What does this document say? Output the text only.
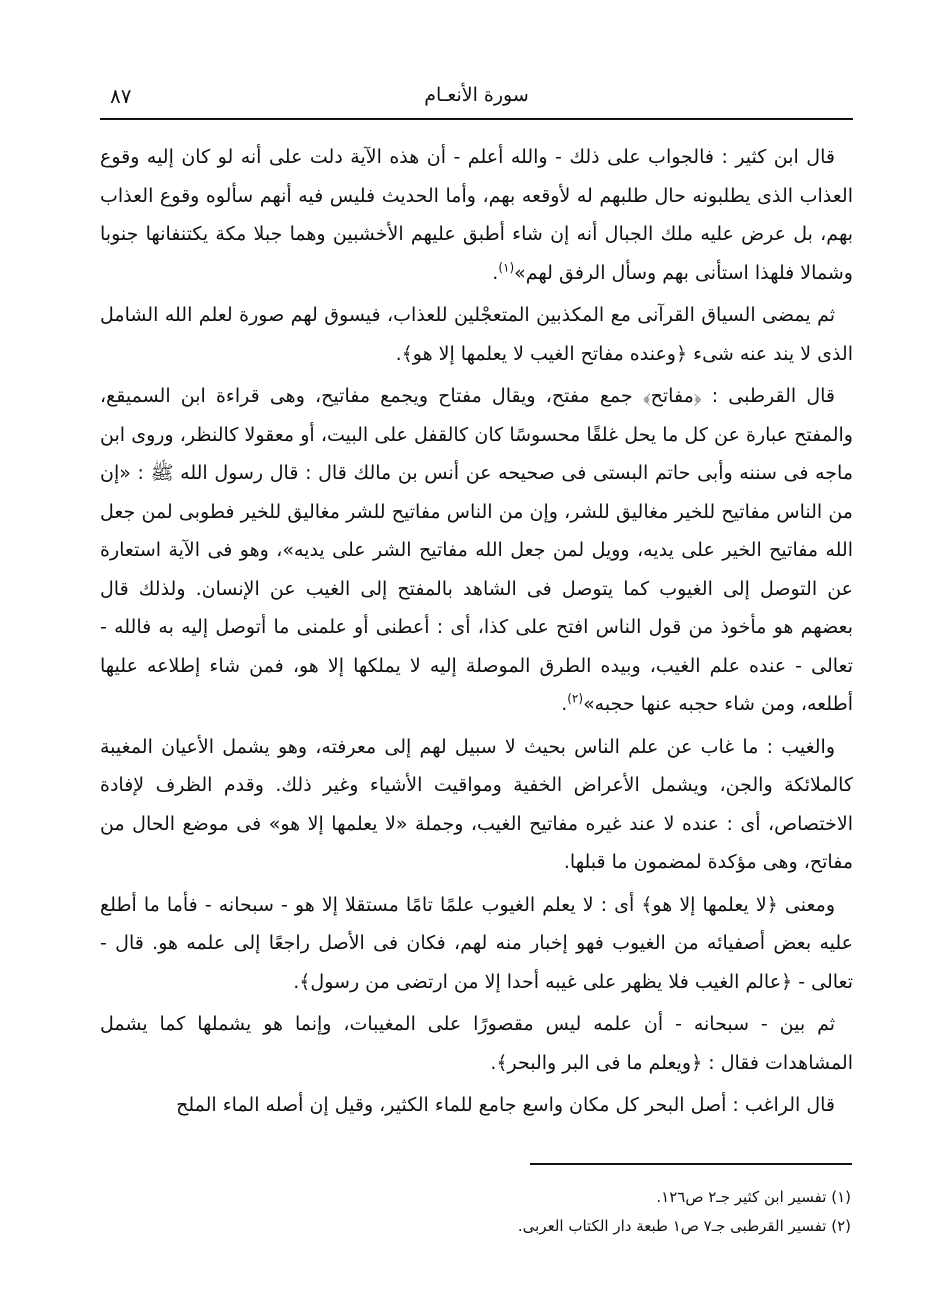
٨٧	سورة الأنعـام

قال ابن كثير : فالجواب على ذلك - والله أعلم - أن هذه الآية دلت على أنه لو كان إليه وقوع العذاب الذى يطلبونه حال طلبهم له لأوقعه بهم، وأما الحديث فليس فيه أنهم سألوه وقوع العذاب بهم، بل عرض عليه ملك الجبال أنه إن شاء أطبق عليهم الأخشبين وهما جبلا مكة يكتنفانها جنوبا وشمالا فلهذا استأنى بهم وسأل الرفق لهم»$^{(١)}$.

ثم يمضى السياق القرآنى مع المكذبين المتعجْلين للعذاب، فيسوق لهم صورة لعلم الله الشامل الذى لا يند عنه شىء ﴿وعنده مفاتح الغيب لا يعلمها إلا هو﴾.

قال القرطبى : ﴿مفاتح﴾ جمع مفتح، ويقال مفتاح ويجمع مفاتيح، وهى قراءة ابن السميقع، والمفتح عبارة عن كل ما يحل غلقًا محسوسًا كان كالقفل على البيت، أو معقولا كالنظر، وروى ابن ماجه فى سننه وأبى حاتم البستى فى صحيحه عن أنس بن مالك قال : قال رسول الله ﷺ : «إن من الناس مفاتيح للخير مغاليق للشر، وإن من الناس مفاتيح للشر مغاليق للخير فطوبى لمن جعل الله مفاتيح الخير على يديه، وويل لمن جعل الله مفاتيح الشر على يديه»، وهو فى الآية استعارة عن التوصل إلى الغيوب كما يتوصل فى الشاهد بالمفتح إلى الغيب عن الإنسان. ولذلك قال بعضهم هو مأخوذ من قول الناس افتح على كذا، أى : أعطنى أو علمنى ما أتوصل إليه به فالله - تعالى - عنده علم الغيب، وبيده الطرق الموصلة إليه لا يملكها إلا هو، فمن شاء إطلاعه عليها أطلعه، ومن شاء حجبه عنها حجبه»$^{(٢)}$.

والغيب : ما غاب عن علم الناس بحيث لا سبيل لهم إلى معرفته، وهو يشمل الأعيان المغيبة كالملائكة والجن، ويشمل الأعراض الخفية ومواقيت الأشياء وغير ذلك. وقدم الظرف لإفادة الاختصاص، أى : عنده لا عند غيره مفاتيح الغيب، وجملة «لا يعلمها إلا هو» فى موضع الحال من مفاتح، وهى مؤكدة لمضمون ما قبلها.

ومعنى ﴿لا يعلمها إلا هو﴾ أى : لا يعلم الغيوب علمًا تامًا مستقلا إلا هو - سبحانه - فأما ما أطلع عليه بعض أصفيائه من الغيوب فهو إخبار منه لهم، فكان فى الأصل راجعًا إلى علمه هو. قال - تعالى - ﴿عالم الغيب فلا يظهر على غيبه أحدا إلا من ارتضى من رسول﴾.

ثم بين - سبحانه - أن علمه ليس مقصورًا على المغيبات، وإنما هو يشملها كما يشمل المشاهدات فقال : ﴿ويعلم ما فى البر والبحر﴾.

قال الراغب : أصل البحر كل مكان واسع جامع للماء الكثير، وقيل إن أصله الماء الملح

(١) تفسير ابن كثير جـ٢ ص١٢٦.
(٢) تفسير القرطبى جـ٧ ص١ طبعة دار الكتاب العربى.
